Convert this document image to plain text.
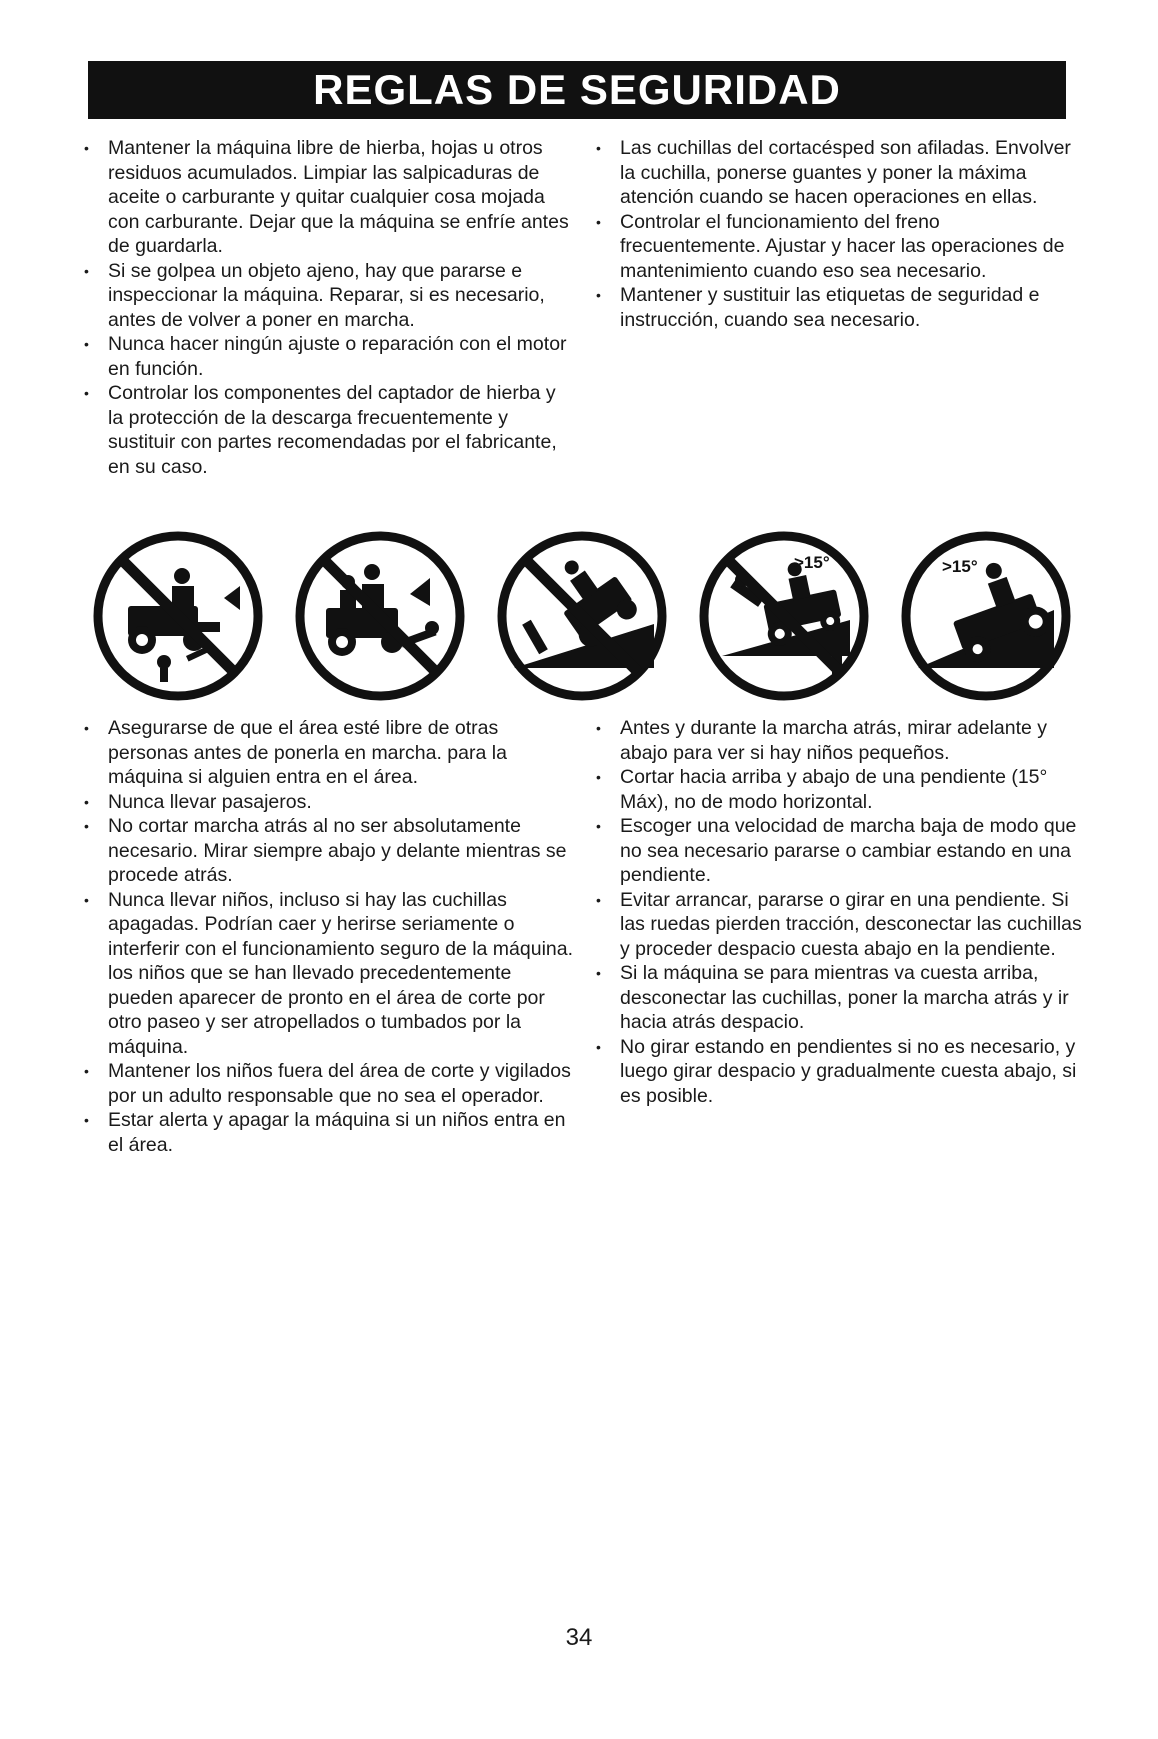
REGLAS DE SEGURIDAD
• Mantener la máquina libre de hierba, hojas u otros residuos acumulados. Limpiar las salpicaduras de aceite o carburante y quitar cualquier cosa mojada con carburante. Dejar que la máquina se enfríe antes de guardarla.
• Si se golpea un objeto ajeno, hay que pararse e inspeccionar la máquina. Reparar, si es necesario, antes de volver a poner en marcha.
• Nunca hacer ningún ajuste o reparación con el motor en función.
• Controlar los componentes del captador de hierba y la protección de la descarga frecuentemente y sustituir con partes recomendadas por el fabricante, en su caso.
• Las cuchillas del cortacésped son afiladas. Envolver la cuchilla, ponerse guantes y poner la máxima atención cuando se hacen operaciones en ellas.
• Controlar el funcionamiento del freno frecuentemente. Ajustar y hacer las operaciones de mantenimiento cuando eso sea necesario.
• Mantener y sustituir las etiquetas de seguridad e instrucción, cuando sea necesario.
>15°	>15°
• Asegurarse de que el área esté libre de otras personas antes de ponerla en marcha. para la máquina si alguien entra en el área.
• Nunca llevar pasajeros.
• No cortar marcha atrás al no ser absolutamente necesario. Mirar siempre abajo y delante mientras se procede atrás.
• Nunca llevar niños, incluso si hay las cuchillas apagadas. Podrían caer y herirse seriamente o interferir con el funcionamiento seguro de la máquina. los niños que se han llevado precedentemente pueden aparecer de pronto en el área de corte por otro paseo y ser atropellados o tumbados por la máquina.
• Mantener los niños fuera del área de corte y vigilados por un adulto responsable que no sea el operador.
• Estar alerta y apagar la máquina si un niños entra en el área.
• Antes y durante la marcha atrás, mirar adelante y abajo para ver si hay niños pequeños.
• Cortar hacia arriba y abajo de una pendiente (15° Máx), no de modo horizontal.
• Escoger una velocidad de marcha baja de modo que no sea necesario pararse o cambiar estando en una pendiente.
• Evitar arrancar, pararse o girar en una pendiente. Si las ruedas pierden tracción, desconectar las cuchillas y proceder despacio cuesta abajo en la pendiente.
• Si la máquina se para mientras va cuesta arriba, desconectar las cuchillas, poner la marcha atrás y ir hacia atrás despacio.
• No girar estando en pendientes si no es necesario, y luego girar despacio y gradualmente cuesta abajo, si es posible.
34
